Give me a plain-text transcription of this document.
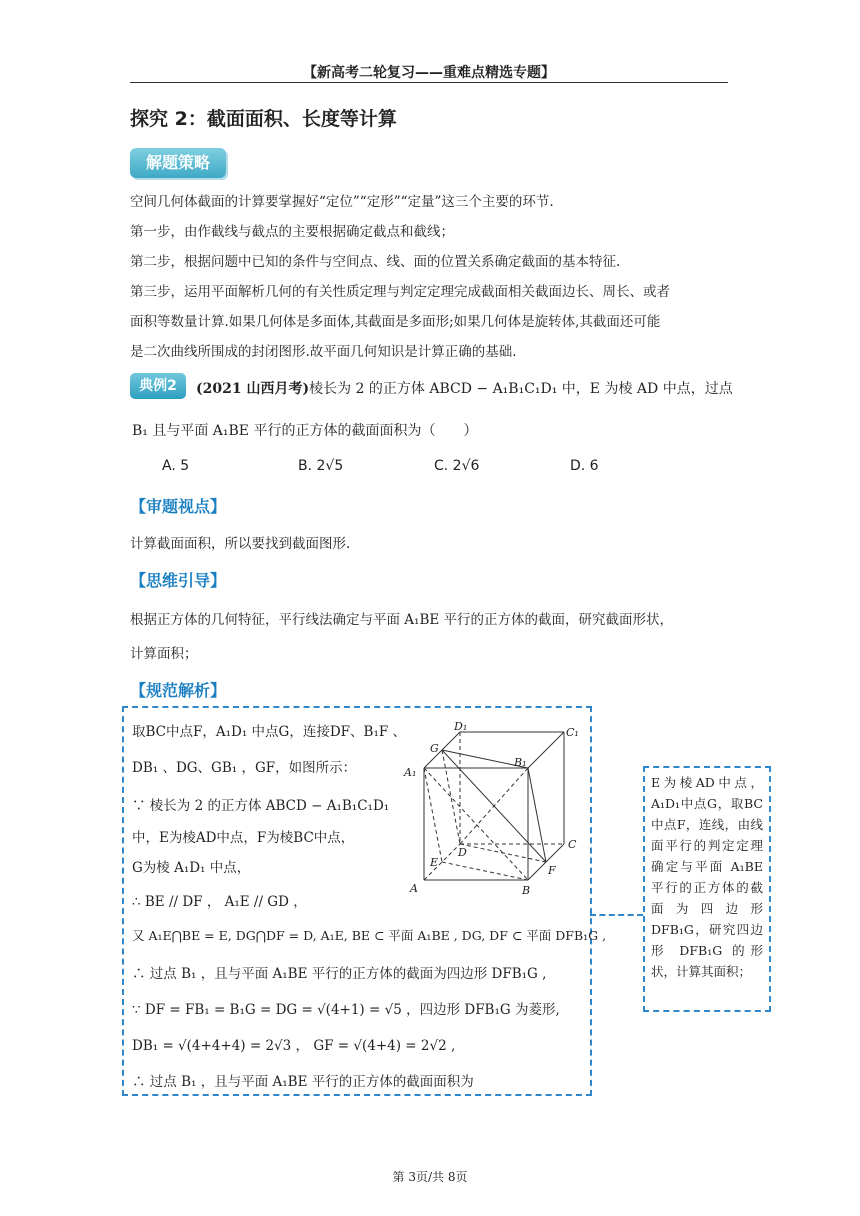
【新高考二轮复习——重难点精选专题】
探究 2：截面面积、长度等计算
解题策略
空间几何体截面的计算要掌握好“定位”“定形”“定量”这三个主要的环节.
第一步，由作截线与截点的主要根据确定截点和截线；
第二步，根据问题中已知的条件与空间点、线、面的位置关系确定截面的基本特征.
第三步，运用平面解析几何的有关性质定理与判定定理完成截面相关截面边长、周长、或者
面积等数量计算.如果几何体是多面体,其截面是多面形;如果几何体是旋转体,其截面还可能
是二次曲线所围成的封闭图形.故平面几何知识是计算正确的基础.
典例2	(2021 山西月考)棱长为 2 的正方体 ABCD − A₁B₁C₁D₁ 中，E 为棱 AD 中点，过点
B₁ 且与平面 A₁BE 平行的正方体的截面面积为（　　）
A. 5	B. 2√5	C. 2√6	D. 6
【审题视点】
计算截面面积，所以要找到截面图形.
【思维引导】
根据正方体的几何特征，平行线法确定与平面 A₁BE 平行的正方体的截面，研究截面形状，
计算面积；
【规范解析】
E为棱AD中点，A₁D₁中点G，取BC中点F，连线，由线面平行的判定定理确定与平面 A₁BE 平行的正方体的截面为四边形 DFB₁G，研究四边形 DFB₁G 的形状，计算其面积；
取BC中点F，A₁D₁ 中点G，连接DF、B₁F 、
DB₁ 、DG、GB₁ ，GF，如图所示：
∵ 棱长为 2 的正方体 ABCD − A₁B₁C₁D₁
中，E为棱AD中点，F为棱BC中点，
G为棱 A₁D₁ 中点，
∴ BE // DF ， A₁E // GD ，
又 A₁E⋂BE = E, DG⋂DF = D, A₁E, BE ⊂ 平面 A₁BE , DG, DF ⊂ 平面 DFB₁G ,
∴ 过点 B₁ ，且与平面 A₁BE 平行的正方体的截面为四边形 DFB₁G ,
∵ DF = FB₁ = B₁G = DG = √(4+1) = √5 ，四边形 DFB₁G 为菱形,
DB₁ = √(4+4+4) = 2√3 ， GF = √(4+4) = 2√2 ,
∴ 过点 B₁ ，且与平面 A₁BE 平行的正方体的截面面积为
D₁	C₁
G
B₁
A₁
D
C
E
F
A	B
第 3页/共 8页
